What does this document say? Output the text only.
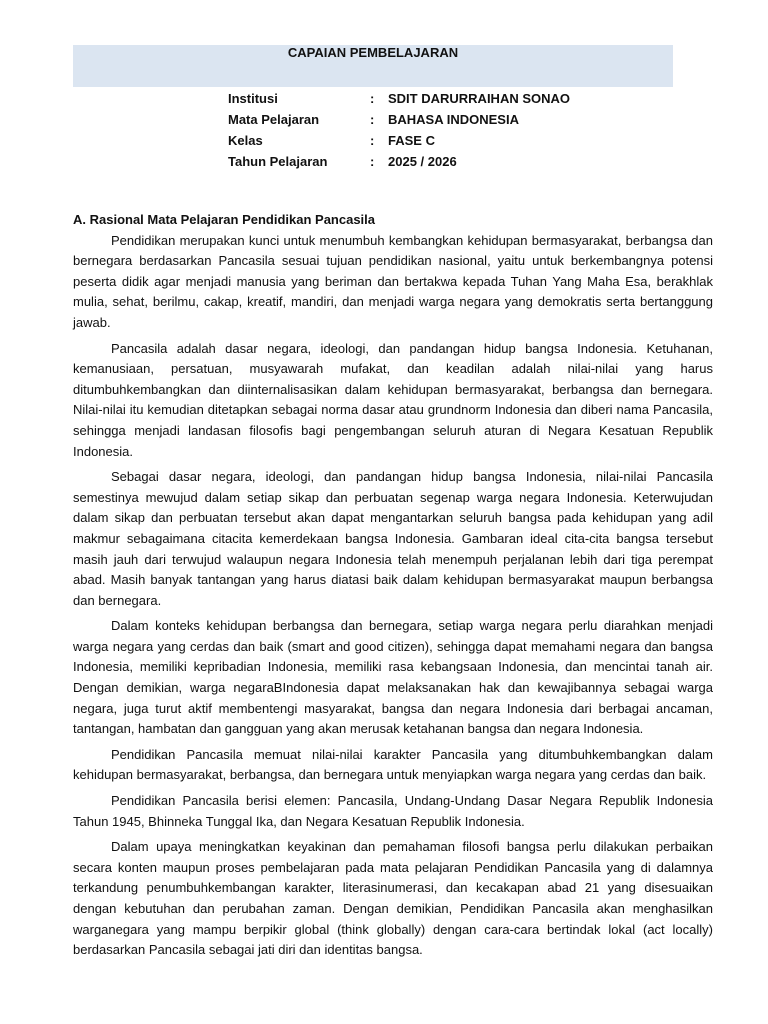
CAPAIAN PEMBELAJARAN
Institusi	:	SDIT DARURRAIHAN SONAO
Mata Pelajaran	:	BAHASA INDONESIA
Kelas	:	FASE C
Tahun Pelajaran	:	2025 / 2026

A. Rasional Mata Pelajaran Pendidikan Pancasila

Pendidikan merupakan kunci untuk menumbuh kembangkan kehidupan bermasyarakat, berbangsa dan bernegara berdasarkan Pancasila sesuai tujuan pendidikan nasional, yaitu untuk berkembangnya potensi peserta didik agar menjadi manusia yang beriman dan bertakwa kepada Tuhan Yang Maha Esa, berakhlak mulia, sehat, berilmu, cakap, kreatif, mandiri, dan menjadi warga negara yang demokratis serta bertanggung jawab.

Pancasila adalah dasar negara, ideologi, dan pandangan hidup bangsa Indonesia. Ketuhanan, kemanusiaan, persatuan, musyawarah mufakat, dan keadilan adalah nilai-nilai yang harus ditumbuhkembangkan dan diinternalisasikan dalam kehidupan bermasyarakat, berbangsa dan bernegara. Nilai-nilai itu kemudian ditetapkan sebagai norma dasar atau grundnorm Indonesia dan diberi nama Pancasila, sehingga menjadi landasan filosofis bagi pengembangan seluruh aturan di Negara Kesatuan Republik Indonesia.

Sebagai dasar negara, ideologi, dan pandangan hidup bangsa Indonesia, nilai-nilai Pancasila semestinya mewujud dalam setiap sikap dan perbuatan segenap warga negara Indonesia. Keterwujudan dalam sikap dan perbuatan tersebut akan dapat mengantarkan seluruh bangsa pada kehidupan yang adil makmur sebagaimana citacita kemerdekaan bangsa Indonesia. Gambaran ideal cita-cita bangsa tersebut masih jauh dari terwujud walaupun negara Indonesia telah menempuh perjalanan lebih dari tiga perempat abad. Masih banyak tantangan yang harus diatasi baik dalam kehidupan bermasyarakat maupun berbangsa dan bernegara.

Dalam konteks kehidupan berbangsa dan bernegara, setiap warga negara perlu diarahkan menjadi warga negara yang cerdas dan baik (smart and good citizen), sehingga dapat memahami negara dan bangsa Indonesia, memiliki kepribadian Indonesia, memiliki rasa kebangsaan Indonesia, dan mencintai tanah air. Dengan demikian, warga negaraBIndonesia dapat melaksanakan hak dan kewajibannya sebagai warga negara, juga turut aktif membentengi masyarakat, bangsa dan negara Indonesia dari berbagai ancaman, tantangan, hambatan dan gangguan yang akan merusak ketahanan bangsa dan negara Indonesia.

Pendidikan Pancasila memuat nilai-nilai karakter Pancasila yang ditumbuhkembangkan dalam kehidupan bermasyarakat, berbangsa, dan bernegara untuk menyiapkan warga negara yang cerdas dan baik.

Pendidikan Pancasila berisi elemen: Pancasila, Undang-Undang Dasar Negara Republik Indonesia Tahun 1945, Bhinneka Tunggal Ika, dan Negara Kesatuan Republik Indonesia.

Dalam upaya meningkatkan keyakinan dan pemahaman filosofi bangsa perlu dilakukan perbaikan secara konten maupun proses pembelajaran pada mata pelajaran Pendidikan Pancasila yang di dalamnya terkandung penumbuhkembangan karakter, literasinumerasi, dan kecakapan abad 21 yang disesuaikan dengan kebutuhan dan perubahan zaman. Dengan demikian, Pendidikan Pancasila akan menghasilkan warganegara yang mampu berpikir global (think globally) dengan cara-cara bertindak lokal (act locally) berdasarkan Pancasila sebagai jati diri dan identitas bangsa.
